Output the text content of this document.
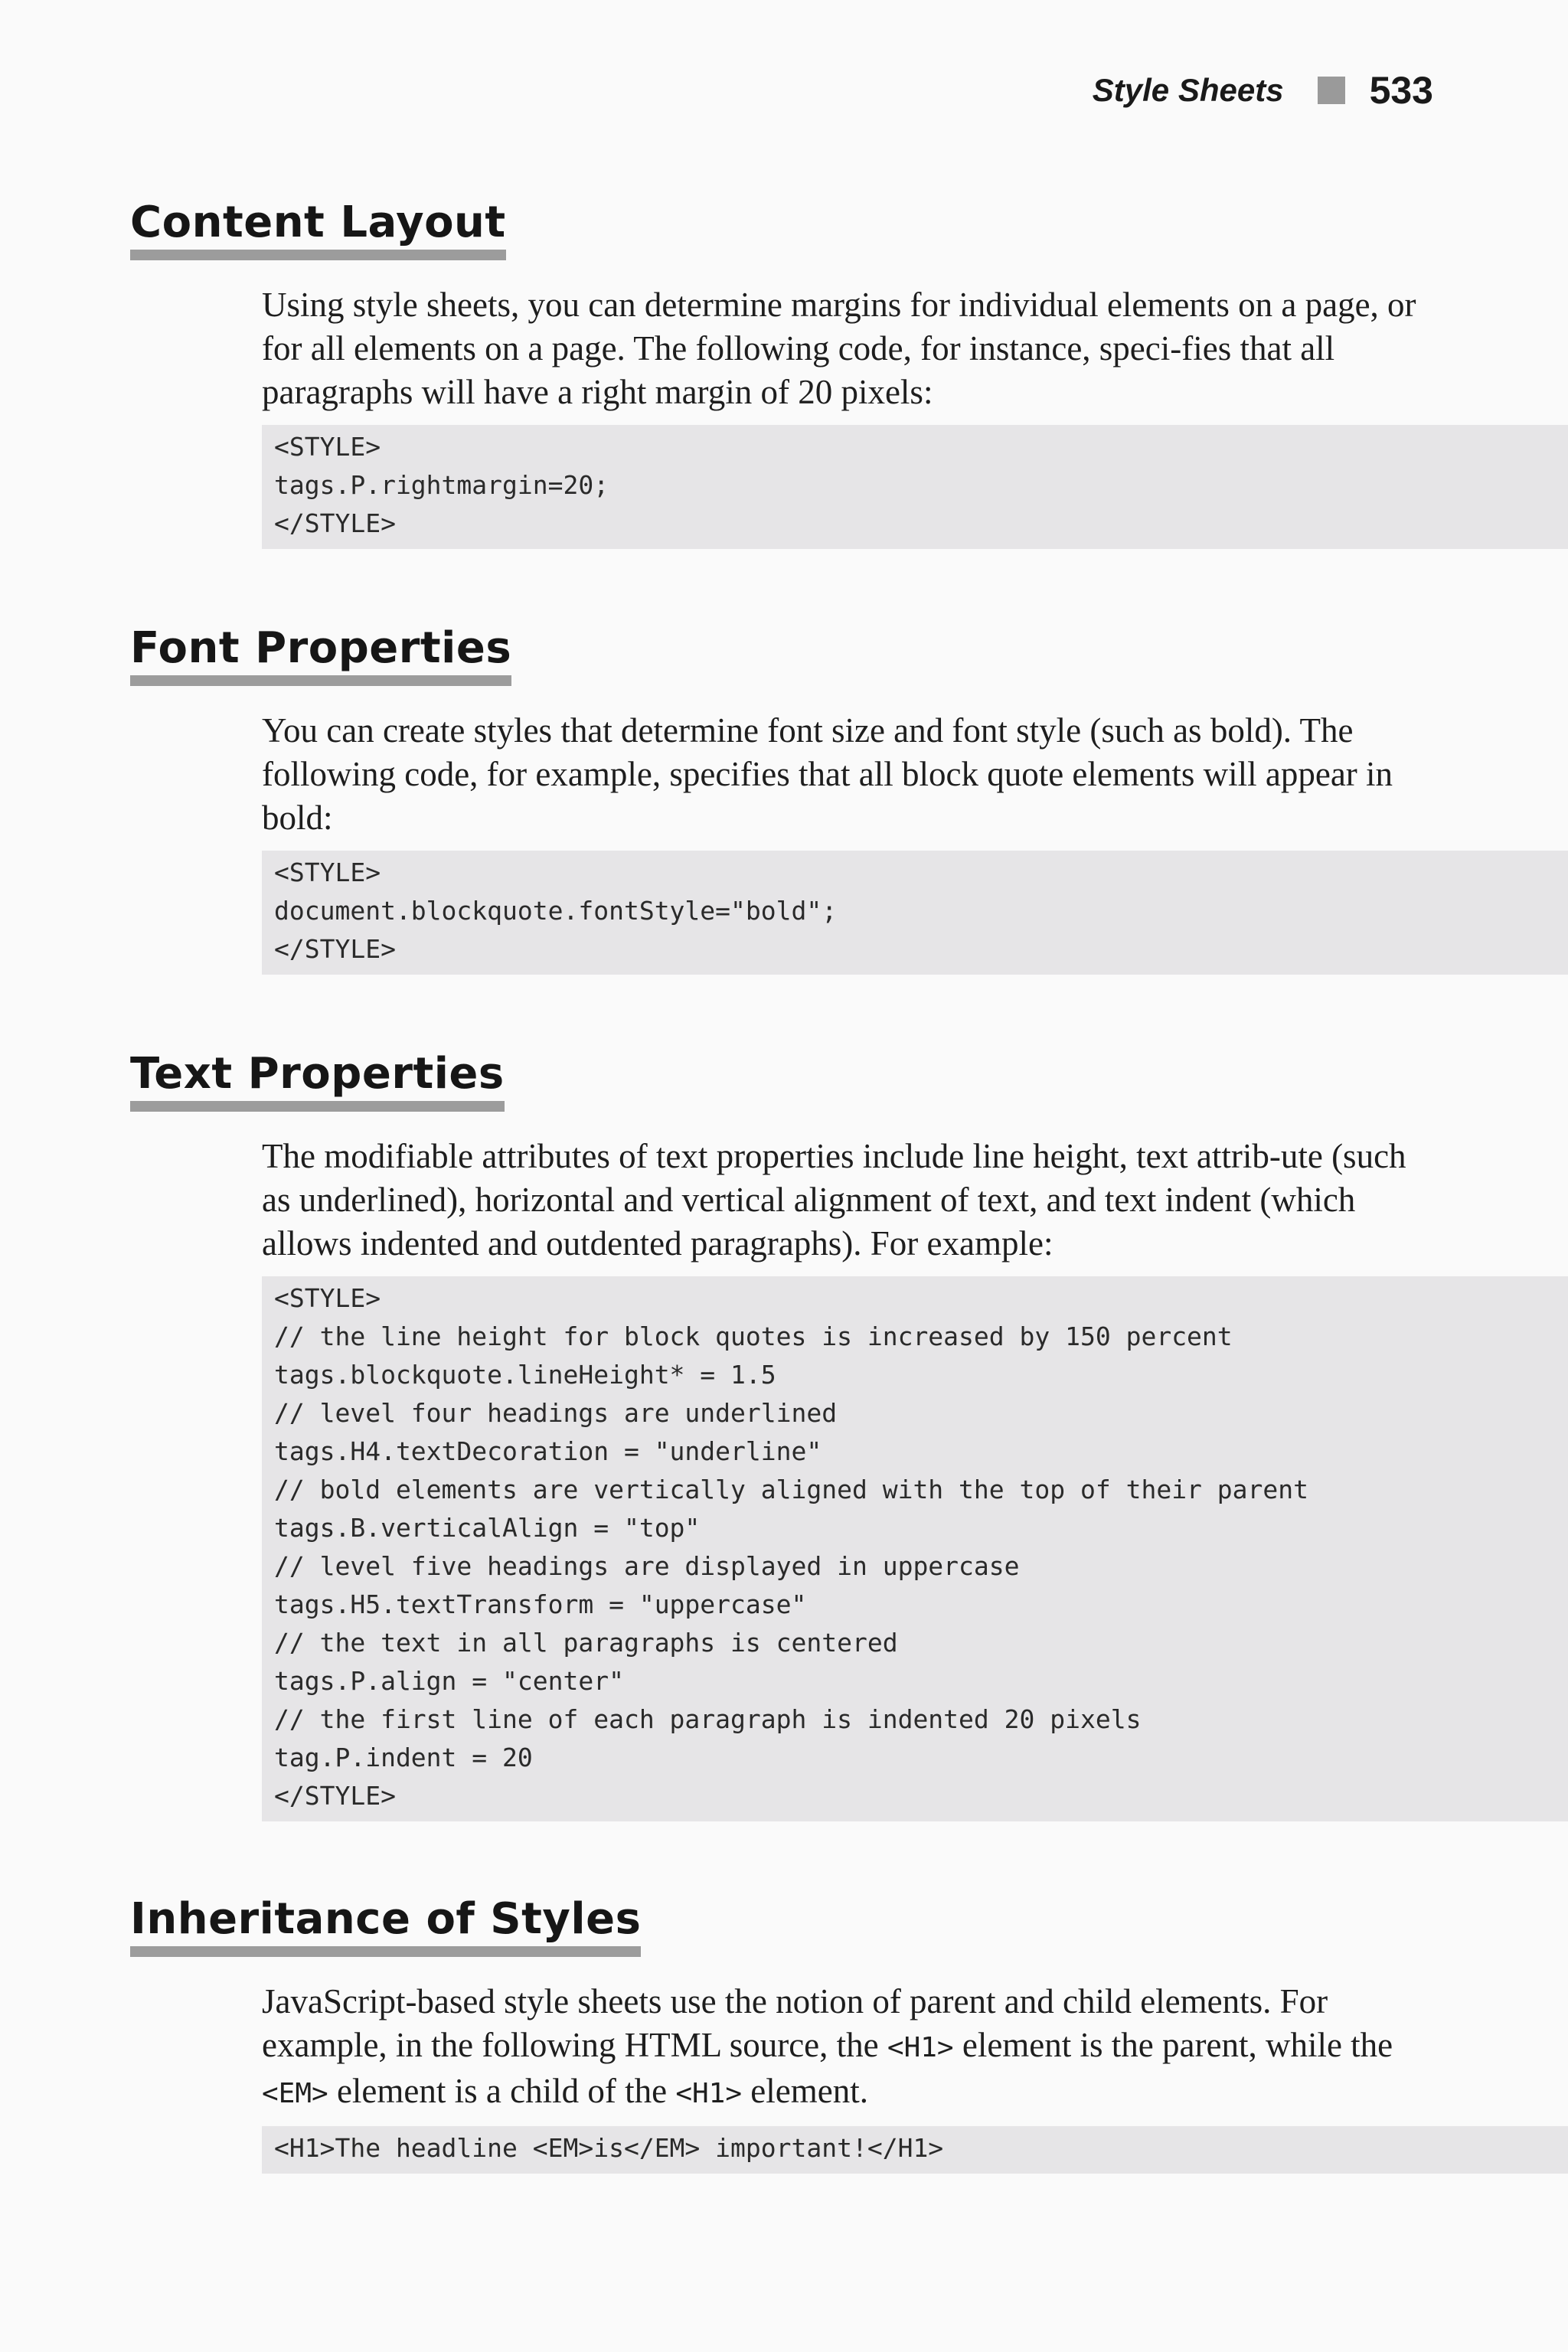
Style Sheets 533
Content Layout
Using style sheets, you can determine margins for individual elements on a page, or for all elements on a page. The following code, for instance, speci-fies that all paragraphs will have a right margin of 20 pixels:
<STYLE>
tags.P.rightmargin=20;
</STYLE>
Font Properties
You can create styles that determine font size and font style (such as bold). The following code, for example, specifies that all block quote elements will appear in bold:
<STYLE>
document.blockquote.fontStyle="bold";
</STYLE>
Text Properties
The modifiable attributes of text properties include line height, text attrib-ute (such as underlined), horizontal and vertical alignment of text, and text indent (which allows indented and outdented paragraphs). For example:
<STYLE>
// the line height for block quotes is increased by 150 percent
tags.blockquote.lineHeight* = 1.5
// level four headings are underlined
tags.H4.textDecoration = "underline"
// bold elements are vertically aligned with the top of their parent
tags.B.verticalAlign = "top"
// level five headings are displayed in uppercase
tags.H5.textTransform = "uppercase"
// the text in all paragraphs is centered
tags.P.align = "center"
// the first line of each paragraph is indented 20 pixels
tag.P.indent = 20
</STYLE>
Inheritance of Styles
JavaScript-based style sheets use the notion of parent and child elements. For example, in the following HTML source, the <H1> element is the parent, while the <EM> element is a child of the <H1> element.
<H1>The headline <EM>is</EM> important!</H1>
